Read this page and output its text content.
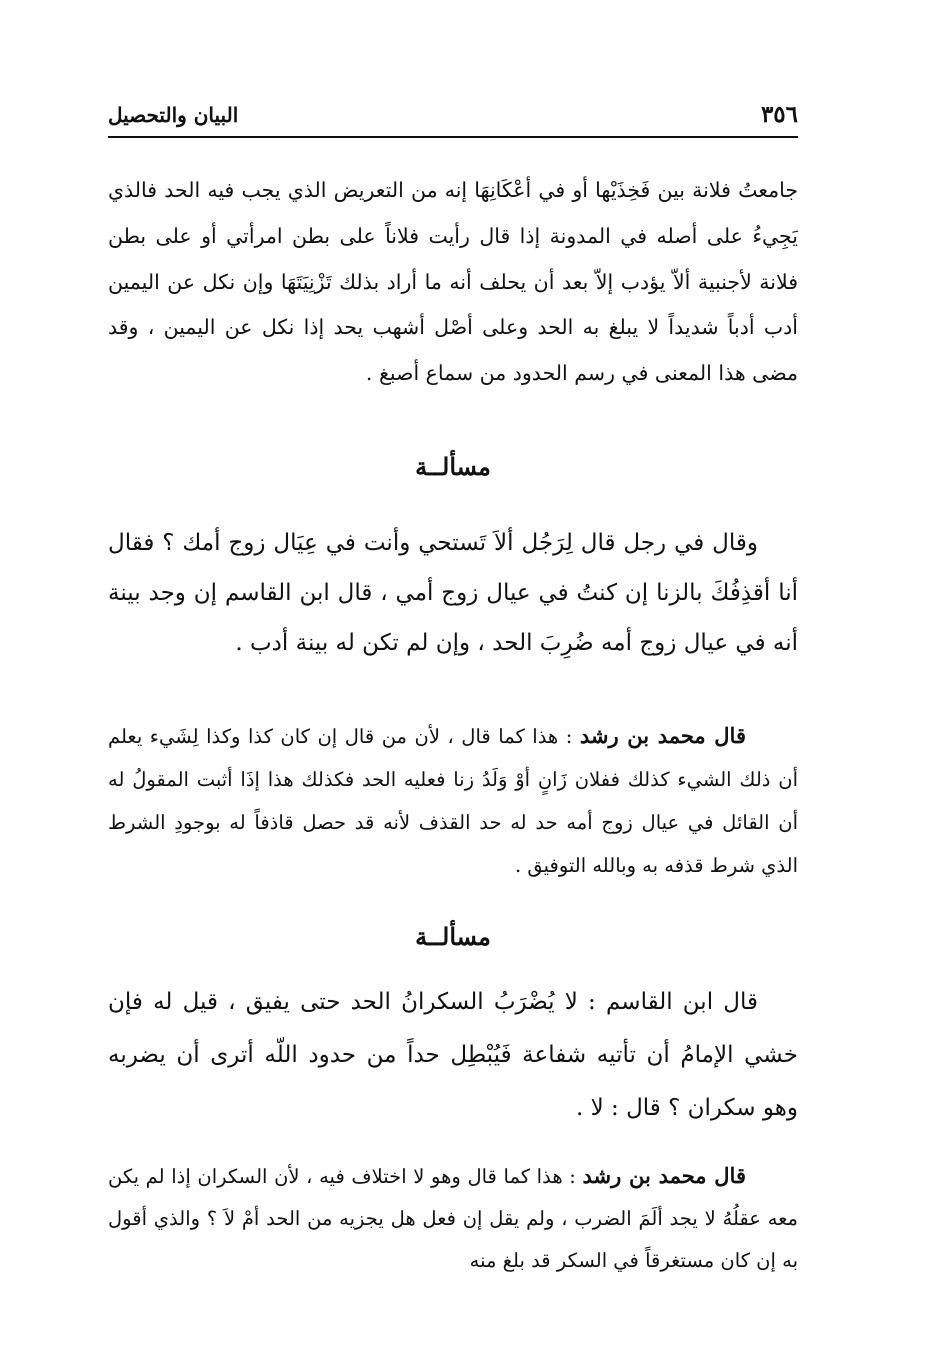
٣٥٦
البيان والتحصيل

جامعتُ فلانة بين فَخِذَيْها أو في أعْكَانِهَا إنه من التعريض الذي يجب فيه الحد فالذي يَجِيءُ على أصله في المدونة إذا قال رأيت فلاناً على بطن امرأتي أو على بطن فلانة لأجنبية ألاّ يؤدب إلاّ بعد أن يحلف أنه ما أراد بذلك تَزْنِيَتَهَا وإن نكل عن اليمين أدب أدباً شديداً لا يبلغ به الحد وعلى أصْل أشهب يحد إذا نكل عن اليمين ، وقد مضى هذا المعنى في رسم الحدود من سماع أصبغ .

مسألــة

وقال في رجل قال لِرَجُل ألاَ تَستحي وأنت في عِيَال زوج أمك ؟ فقال أنا أقذِفُكَ بالزنا إن كنتُ في عيال زوج أمي ، قال ابن القاسم إن وجد بينة أنه في عيال زوج أمه ضُرِبَ الحد ، وإن لم تكن له بينة أدب .

قال محمد بن رشد : هذا كما قال ، لأن من قال إن كان كذا وكذا لِشَيء يعلم أن ذلك الشيء كذلك ففلان زَانٍ أوْ وَلَدُ زنا فعليه الحد فكذلك هذا إذَا أثبت المقولُ له أن القائل في عيال زوج أمه حد له حد القذف لأنه قد حصل قاذفاً له بوجودِ الشرط الذي شرط قذفه به وبالله التوفيق .

مسألــة

قال ابن القاسم : لا يُضْرَبُ السكرانُ الحد حتى يفيق ، قيل له فإن خشي الإمامُ أن تأتيه شفاعة فَيُبْطِل حداً من حدود اللّه أترى أن يضربه وهو سكران ؟ قال : لا .

قال محمد بن رشد : هذا كما قال وهو لا اختلاف فيه ، لأن السكران إذا لم يكن معه عقلُهُ لا يجد ألَمَ الضرب ، ولم يقل إن فعل هل يجزيه من الحد أمْ لاَ ؟ والذي أقول به إن كان مستغرقاً في السكر قد بلغ منه
